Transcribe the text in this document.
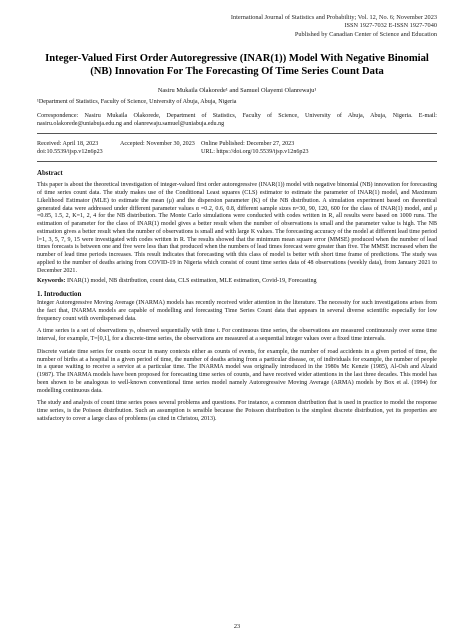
International Journal of Statistics and Probability; Vol. 12, No. 6; November 2023
ISSN 1927-7032 E-ISSN 1927-7040
Published by Canadian Center of Science and Education
Integer-Valued First Order Autoregressive (INAR(1)) Model With Negative Binomial (NB) Innovation For The Forecasting Of Time Series Count Data
Nasiru Mukaila Olakorede¹ and Samuel Olayemi Olanrewaju¹
¹Department of Statistics, Faculty of Science, University of Abuja, Abuja, Nigeria
Correspondence: Nasiru Mukaila Olakorede, Department of Statistics, Faculty of Science, University of Abuja, Abuja, Nigeria. E-mail: nasiru.olakorede@uniabuja.edu.ng and olanrewaju.samuel@uniabuja.edu.ng
Received: April 18, 2023	Accepted: November 30, 2023	Online Published: December 27, 2023
doi:10.5539/ijsp.v12n6p23	URL: https://doi.org/10.5539/ijsp.v12n6p23
Abstract

This paper is about the theoretical investigation of integer-valued first order autoregressive (INAR(1)) model with negative binomial (NB) innovation for forecasting of time series count data. The study makes use of the Conditional Least squares (CLS) estimator to estimate the parameter of INAR(1) model, and Maximum Likelihood Estimator (MLE) to estimate the mean (μ) and the dispersion parameter (K) of the NB distribution. A simulation experiment based on theoretical generated data were addressed under different parameter values α =0.2, 0.6, 0.8, different sample sizes n=30, 90, 120, 600 for the class of INAR(1) model, and μ =0.85, 1.5, 2, K=1, 2, 4 for the NB distribution. The Monte Carlo simulations were conducted with codes written in R, all results were based on 1000 runs. The estimation of parameter for the class of INAR(1) model gives a better result when the number of observations is small and the parameter value is high. The NB estimation gives a better result when the number of observations is small and with large K values. The forecasting accuracy of the model at different lead time period l=1, 3, 5, 7, 9, 15 were investigated with codes written in R. The results showed that the minimum mean square error (MMSE) produced when the number of lead times forecasts is between one and five were less than that produced when the numbers of lead times forecast were greater than five. The MMSE increased when the number of lead time periods increases. This result indicates that forecasting with this class of model is better with short time frame of predictions. The study was applied to the number of deaths arising from COVID-19 in Nigeria which consist of count time series data of 48 observations (weekly data), from January 2021 to December 2021.

Keywords: INAR(1) model, NB distribution, count data, CLS estimation, MLE estimation, Covid-19, Forecasting
1. Introduction

Integer Autoregressive Moving Average (INARMA) models has recently received wider attention in the literature. The necessity for such investigations arises from the fact that, INARMA models are capable of modelling and forecasting Time Series Count data that appears in several diverse scientific especially for low frequency count with overdispersed data.

A time series is a set of observations yₜ, observed sequentially with time t. For continuous time series, the observations are measured continuously over some time interval, for example, T=[0,1], for a discrete-time series, the observations are measured at a sequential integer values over a fixed time intervals.

Discrete variate time series for counts occur in many contexts either as counts of events, for example, the number of road accidents in a given period of time, the number of births at a hospital in a given period of time, the number of deaths arising from a particular disease, or, of individuals for example, the number of people in a queue waiting to receive a service at a particular time. The INARMA model was originally introduced in the 1980s Mc Kenzie (1985), Al-Osh and Alzaid (1987). The INARMA models have been proposed for forecasting time series of counts, and have received wider attentions in the last three decades. This model has been shown to be analogous to well-known conventional time series model namely Autoregressive Moving Average (ARMA) models by Box et al. (1994) for modelling continuous data.

The study and analysis of count time series poses several problems and questions. For instance, a common distribution that is used in practice to model the response time series, is the Poisson distribution. Such an assumption is sensible because the Poisson distribution is the simplest discrete distribution, yet its properties are satisfactory to cover a large class of problems (as cited in Christou, 2013).

23
